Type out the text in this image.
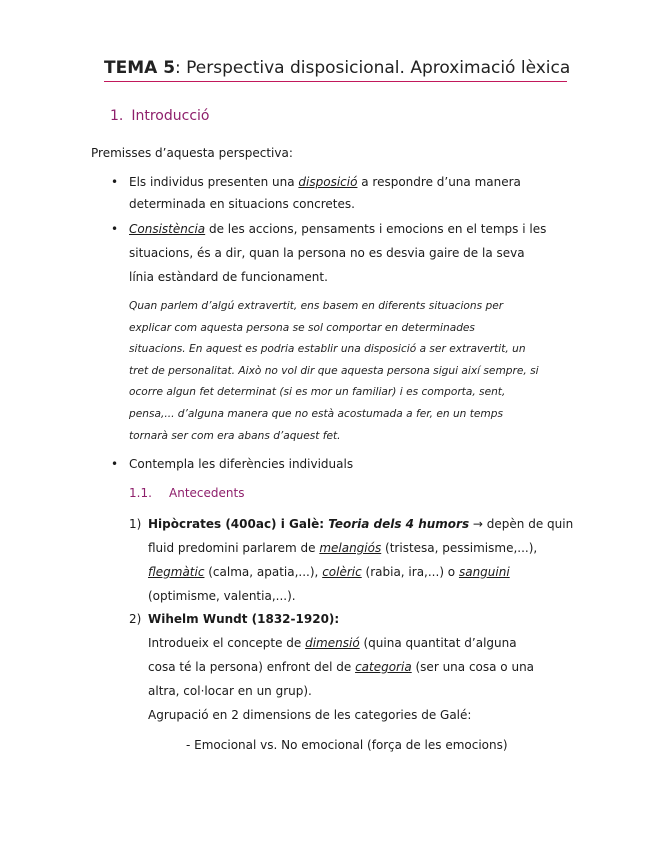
TEMA 5: Perspectiva disposicional. Aproximació lèxica
1. Introducció
Premisses d’aquesta perspectiva:
• Els individus presenten una disposició a respondre d’una manera
determinada en situacions concretes.
• Consistència de les accions, pensaments i emocions en el temps i les
situacions, és a dir, quan la persona no es desvia gaire de la seva
línia estàndard de funcionament.
Quan parlem d’algú extravertit, ens basem en diferents situacions per
explicar com aquesta persona se sol comportar en determinades
situacions. En aquest es podria establir una disposició a ser extravertit, un
tret de personalitat. Això no vol dir que aquesta persona sigui així sempre, si
ocorre algun fet determinat (si es mor un familiar) i es comporta, sent,
pensa,... d’alguna manera que no està acostumada a fer, en un temps
tornarà ser com era abans d’aquest fet.
• Contempla les diferències individuals
1.1. Antecedents
1) Hipòcrates (400ac) i Galè: Teoria dels 4 humors → depèn de quin
fluid predomini parlarem de melangiós (tristesa, pessimisme,...),
flegmàtic (calma, apatia,...), colèric (rabia, ira,...) o sanguini
(optimisme, valentia,...).
2) Wihelm Wundt (1832-1920):
Introdueix el concepte de dimensió (quina quantitat d’alguna
cosa té la persona) enfront del de categoria (ser una cosa o una
altra, col·locar en un grup).
Agrupació en 2 dimensions de les categories de Galé:
- Emocional vs. No emocional (força de les emocions)
